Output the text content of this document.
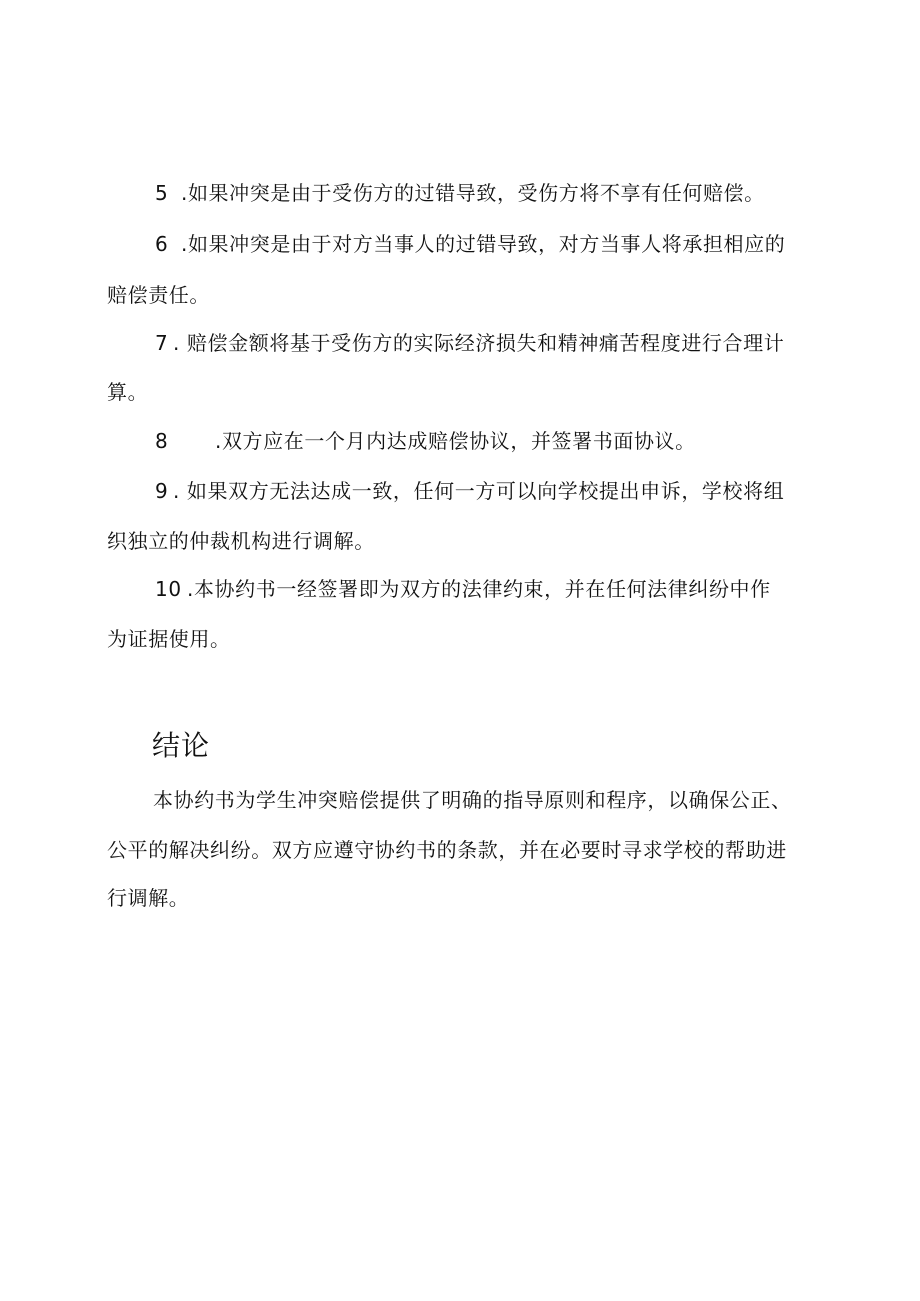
5 .如果冲突是由于受伤方的过错导致，受伤方将不享有任何赔偿。
6 .如果冲突是由于对方当事人的过错导致，对方当事人将承担相应的
赔偿责任。
7 . 赔偿金额将基于受伤方的实际经济损失和精神痛苦程度进行合理计
算。
8 .双方应在一个月内达成赔偿协议，并签署书面协议。
9 . 如果双方无法达成一致，任何一方可以向学校提出申诉，学校将组
织独立的仲裁机构进行调解。
10 .本协约书一经签署即为双方的法律约束，并在任何法律纠纷中作
为证据使用。
结论
本协约书为学生冲突赔偿提供了明确的指导原则和程序，以确保公正、
公平的解决纠纷。双方应遵守协约书的条款，并在必要时寻求学校的帮助进
行调解。
